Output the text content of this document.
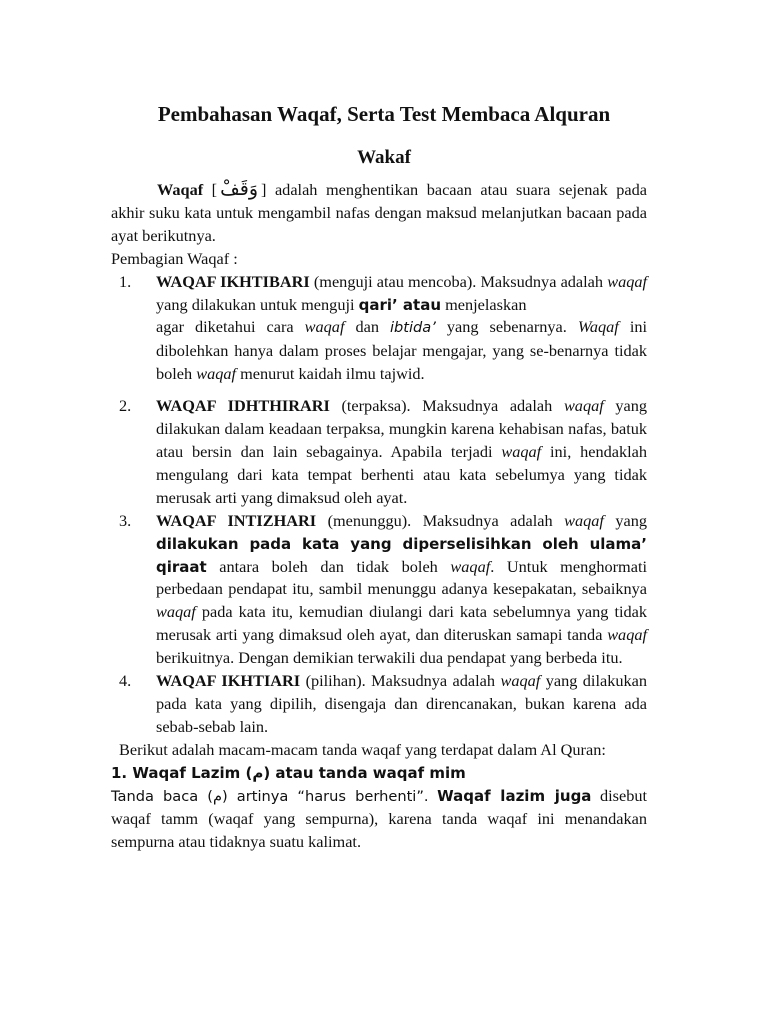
Pembahasan Waqaf, Serta Test Membaca Alquran
Wakaf

Waqaf [ وَقَفْ ] adalah menghentikan bacaan atau suara sejenak pada akhir suku kata untuk mengambil nafas dengan maksud melanjutkan bacaan pada ayat berikutnya.

Pembagian Waqaf :

1. WAQAF IKHTIBARI (menguji atau mencoba). Maksudnya adalah waqaf yang dilakukan untuk menguji qari’ atau menjelaskan
agar diketahui cara waqaf dan ibtida’ yang sebenarnya. Waqaf ini dibolehkan hanya dalam proses belajar mengajar, yang se-benarnya tidak boleh waqaf menurut kaidah ilmu tajwid.
2. WAQAF IDHTHIRARI (terpaksa). Maksudnya adalah waqaf yang dilakukan dalam keadaan terpaksa, mungkin karena kehabisan nafas, batuk atau bersin dan lain sebagainya. Apabila terjadi waqaf ini, hendaklah mengulang dari kata tempat berhenti atau kata sebelumya yang tidak merusak arti yang dimaksud oleh ayat.
3. WAQAF INTIZHARI (menunggu). Maksudnya adalah waqaf yang dilakukan pada kata yang diperselisihkan oleh ulama’ qiraat antara boleh dan tidak boleh waqaf. Untuk menghormati perbedaan pendapat itu, sambil menunggu adanya kesepakatan, sebaiknya waqaf pada kata itu, kemudian diulangi dari kata sebelumnya yang tidak merusak arti yang dimaksud oleh ayat, dan diteruskan samapi tanda waqaf berikuitnya. Dengan demikian terwakili dua pendapat yang berbeda itu.
4. WAQAF IKHTIARI (pilihan). Maksudnya adalah waqaf yang dilakukan pada kata yang dipilih, disengaja dan direncanakan, bukan karena ada sebab-sebab lain.

Berikut adalah macam-macam tanda waqaf yang terdapat dalam Al Quran:

1. Waqaf Lazim (م) atau tanda waqaf mim

Tanda baca (م) artinya “harus berhenti”. Waqaf lazim juga disebut waqaf tamm (waqaf yang sempurna), karena tanda waqaf ini menandakan sempurna atau tidaknya suatu kalimat.
